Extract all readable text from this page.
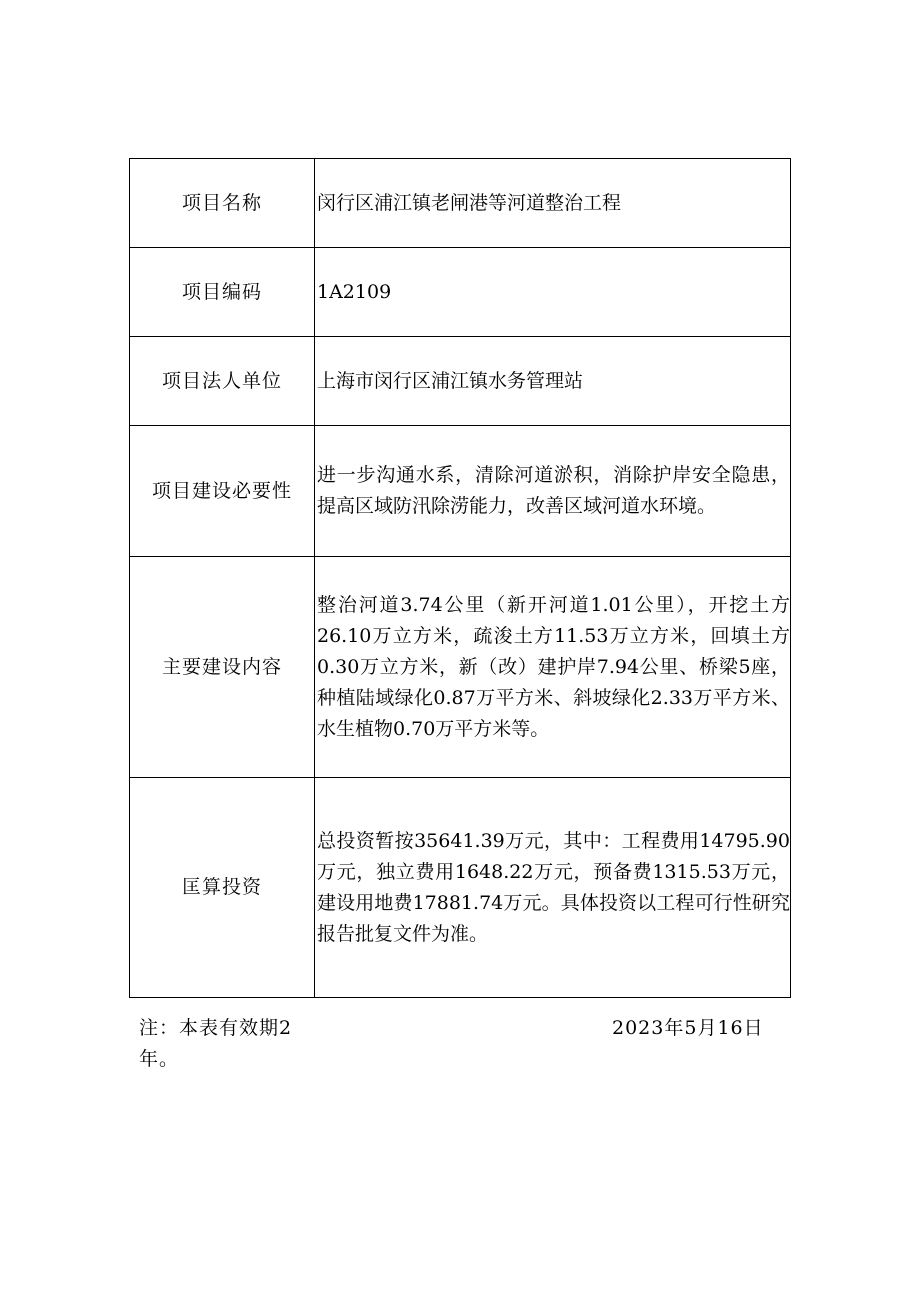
项目名称	闵行区浦江镇老闸港等河道整治工程
项目编码	1A2109
项目法人单位	上海市闵行区浦江镇水务管理站
项目建设必要性	进一步沟通水系，清除河道淤积，消除护岸安全隐患，提高区域防汛除涝能力，改善区域河道水环境。
主要建设内容	整治河道3.74公里（新开河道1.01公里），开挖土方26.10万立方米，疏浚土方11.53万立方米，回填土方0.30万立方米，新（改）建护岸7.94公里、桥梁5座，种植陆域绿化0.87万平方米、斜坡绿化2.33万平方米、水生植物0.70万平方米等。
匡算投资	总投资暂按35641.39万元，其中：工程费用14795.90万元，独立费用1648.22万元，预备费1315.53万元，建设用地费17881.74万元。具体投资以工程可行性研究报告批复文件为准。
注：本表有效期2年。
2023年5月16日
